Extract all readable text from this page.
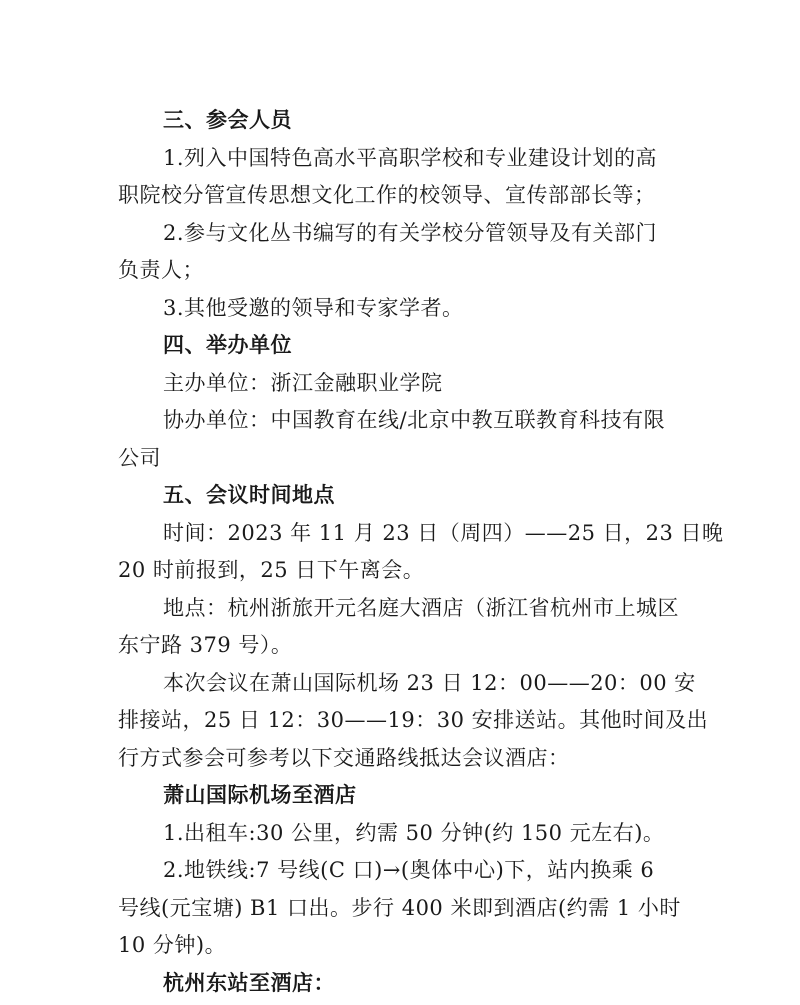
三、参会人员
1.列入中国特色高水平高职学校和专业建设计划的高
职院校分管宣传思想文化工作的校领导、宣传部部长等；
2.参与文化丛书编写的有关学校分管领导及有关部门
负责人；
3.其他受邀的领导和专家学者。
四、举办单位
主办单位：浙江金融职业学院
协办单位：中国教育在线/北京中教互联教育科技有限
公司
五、会议时间地点
时间：2023 年 11 月 23 日（周四）——25 日，23 日晚
20 时前报到，25 日下午离会。
地点：杭州浙旅开元名庭大酒店（浙江省杭州市上城区
东宁路 379 号）。
本次会议在萧山国际机场 23 日 12：00——20：00 安
排接站，25 日 12：30——19：30 安排送站。其他时间及出
行方式参会可参考以下交通路线抵达会议酒店：
萧山国际机场至酒店
1.出租车:30 公里，约需 50 分钟(约 150 元左右)。
2.地铁线:7 号线(C 口)→(奥体中心)下，站内换乘 6
号线(元宝塘) B1 口出。步行 400 米即到酒店(约需 1 小时
10 分钟)。
杭州东站至酒店：
